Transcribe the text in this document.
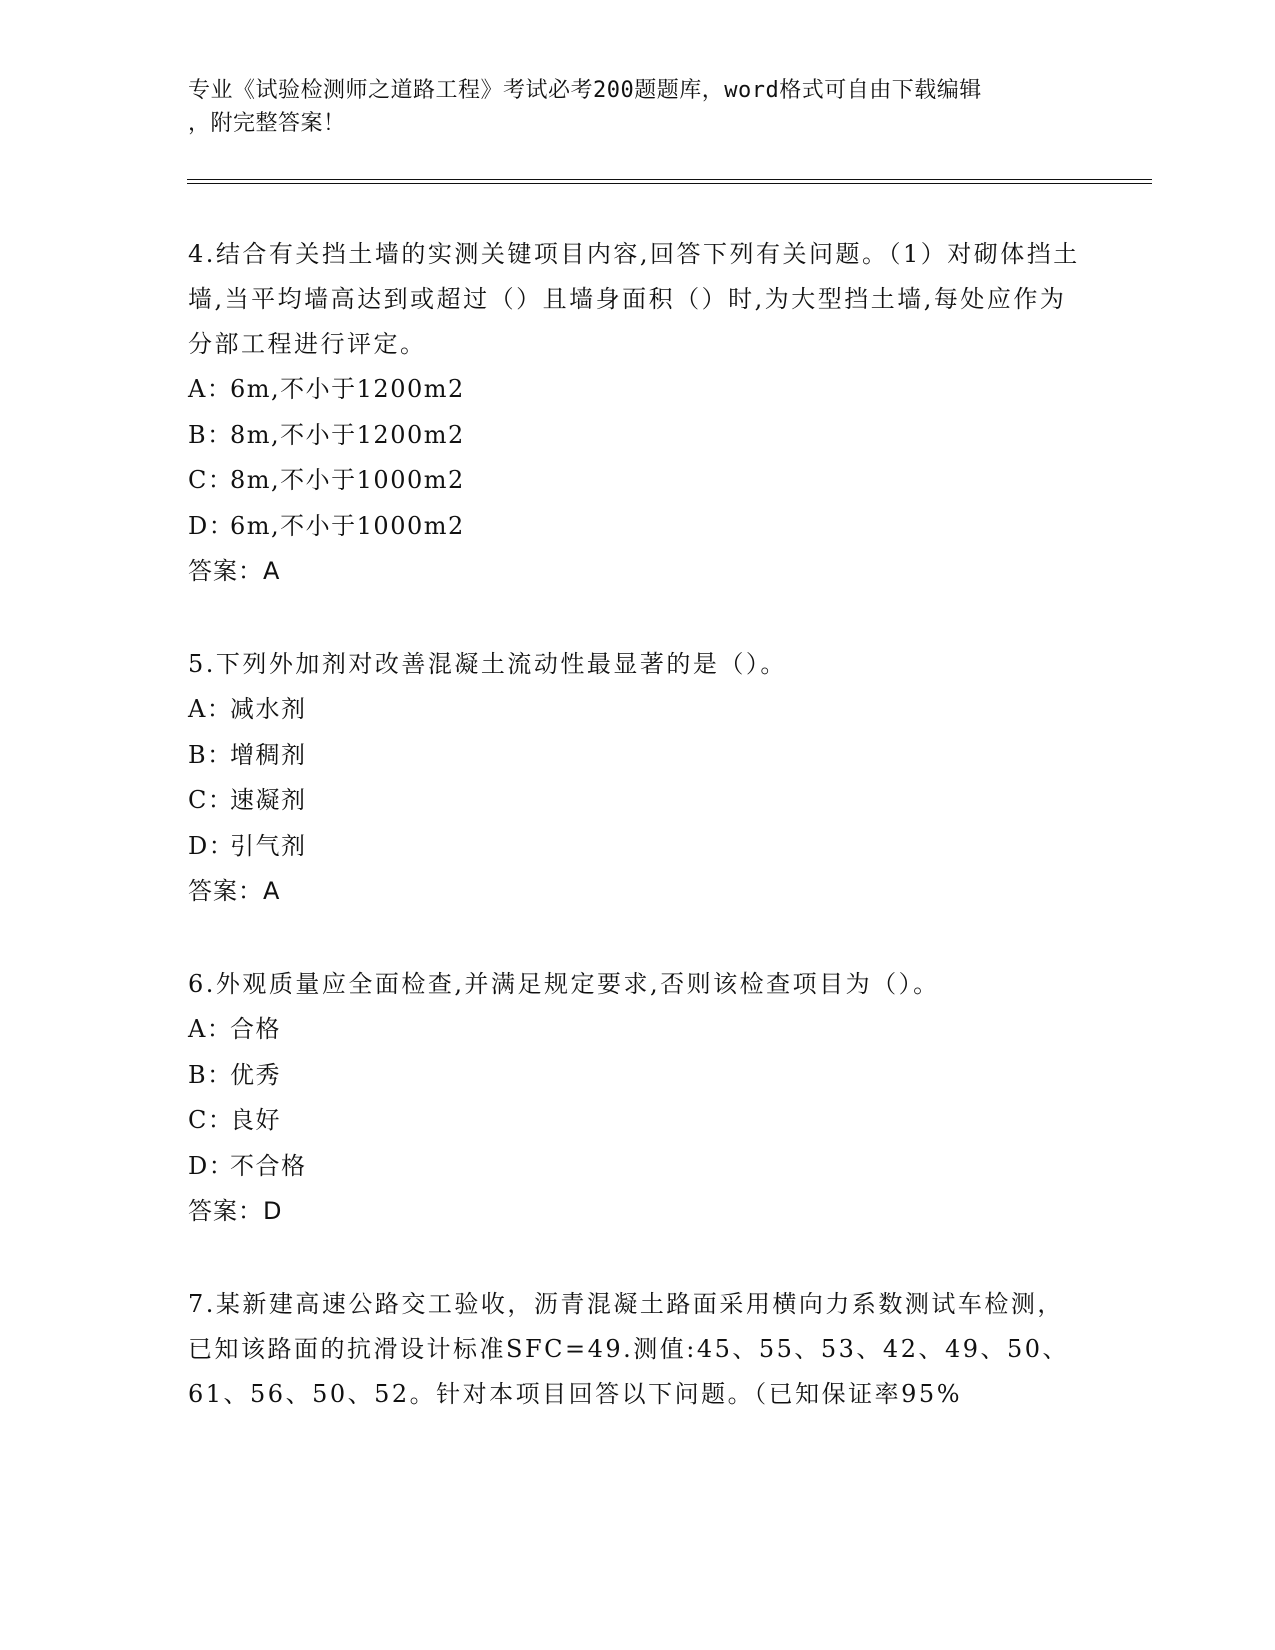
专业《试验检测师之道路工程》考试必考200题题库，word格式可自由下载编辑
，附完整答案！

4.结合有关挡土墙的实测关键项目内容,回答下列有关问题。（1）对砌体挡土墙,当平均墙高达到或超过（）且墙身面积（）时,为大型挡土墙,每处应作为分部工程进行评定。

A：6m,不小于1200m2
B：8m,不小于1200m2
C：8m,不小于1000m2
D：6m,不小于1000m2
答案：A

5.下列外加剂对改善混凝土流动性最显著的是（）。

A：减水剂
B：增稠剂
C：速凝剂
D：引气剂
答案：A

6.外观质量应全面检查,并满足规定要求,否则该检查项目为（）。

A：合格
B：优秀
C：良好
D：不合格
答案：D

7.某新建高速公路交工验收，沥青混凝土路面采用横向力系数测试车检测，已知该路面的抗滑设计标准SFC=49.测值:45、55、53、42、49、50、61、56、50、52。针对本项目回答以下问题。（已知保证率95%
